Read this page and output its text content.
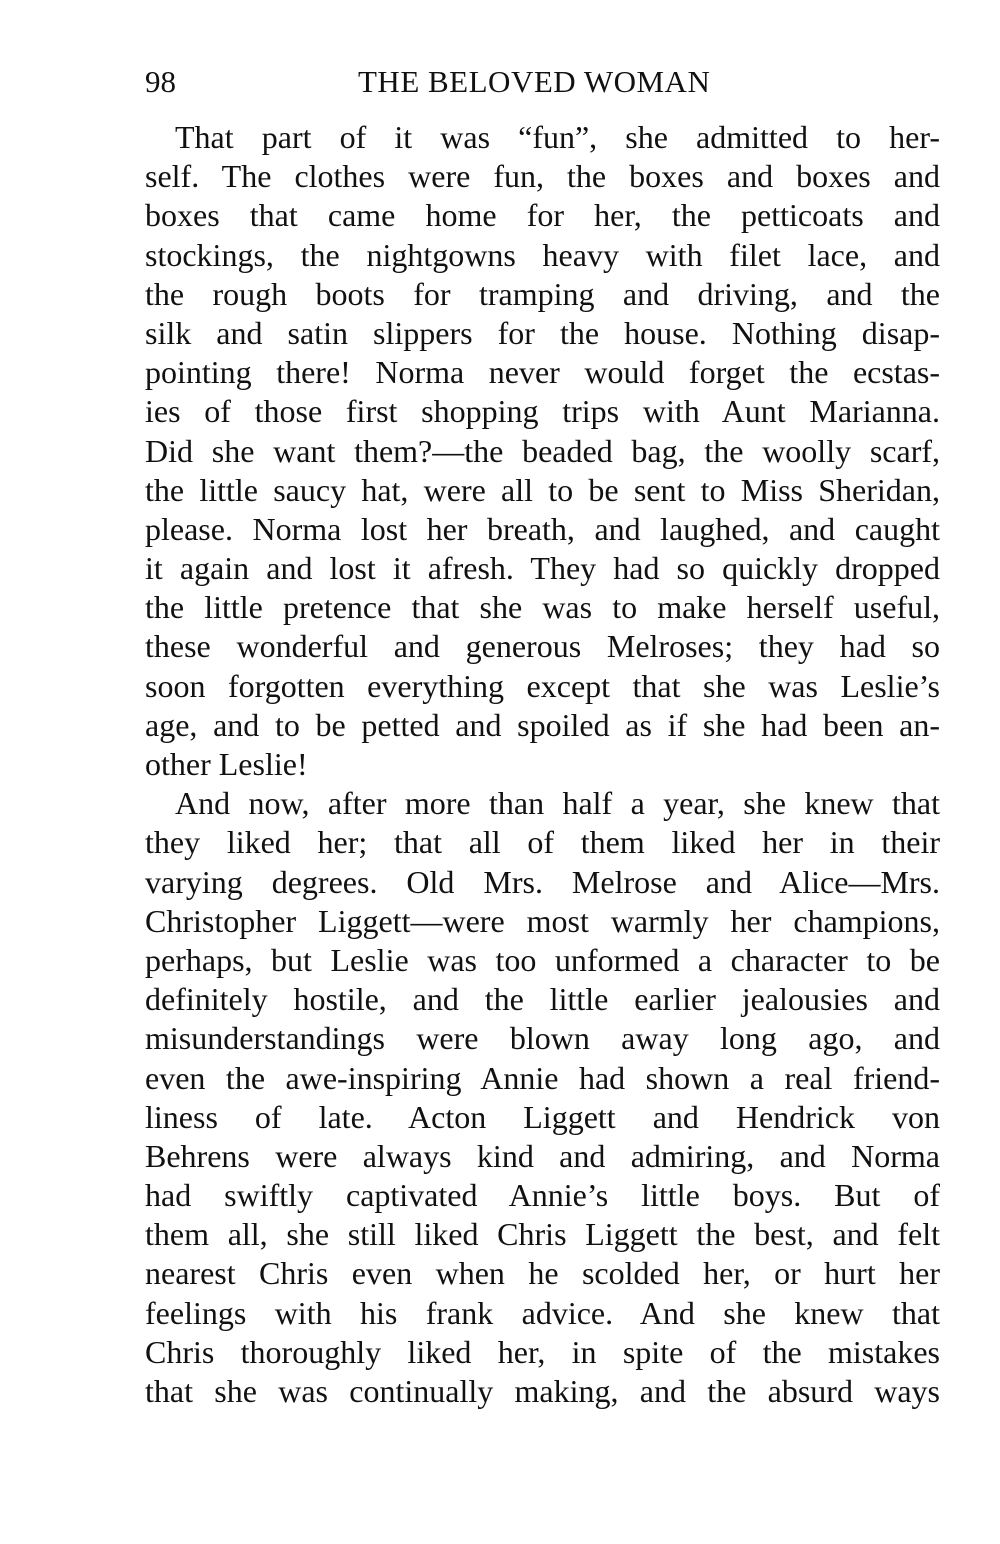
98	THE BELOVED WOMAN
That part of it was “fun”, she admitted to her-
self. The clothes were fun, the boxes and boxes and
boxes that came home for her, the petticoats and
stockings, the nightgowns heavy with filet lace, and
the rough boots for tramping and driving, and the
silk and satin slippers for the house. Nothing disap-
pointing there! Norma never would forget the ecstas-
ies of those first shopping trips with Aunt Marianna.
Did she want them?—the beaded bag, the woolly scarf,
the little saucy hat, were all to be sent to Miss Sheridan,
please. Norma lost her breath, and laughed, and caught
it again and lost it afresh. They had so quickly dropped
the little pretence that she was to make herself useful,
these wonderful and generous Melroses; they had so
soon forgotten everything except that she was Leslie’s
age, and to be petted and spoiled as if she had been an-
other Leslie!
And now, after more than half a year, she knew that
they liked her; that all of them liked her in their
varying degrees. Old Mrs. Melrose and Alice—Mrs.
Christopher Liggett—were most warmly her champions,
perhaps, but Leslie was too unformed a character to be
definitely hostile, and the little earlier jealousies and
misunderstandings were blown away long ago, and
even the awe-inspiring Annie had shown a real friend-
liness of late. Acton Liggett and Hendrick von
Behrens were always kind and admiring, and Norma
had swiftly captivated Annie’s little boys. But of
them all, she still liked Chris Liggett the best, and felt
nearest Chris even when he scolded her, or hurt her
feelings with his frank advice. And she knew that
Chris thoroughly liked her, in spite of the mistakes
that she was continually making, and the absurd ways
